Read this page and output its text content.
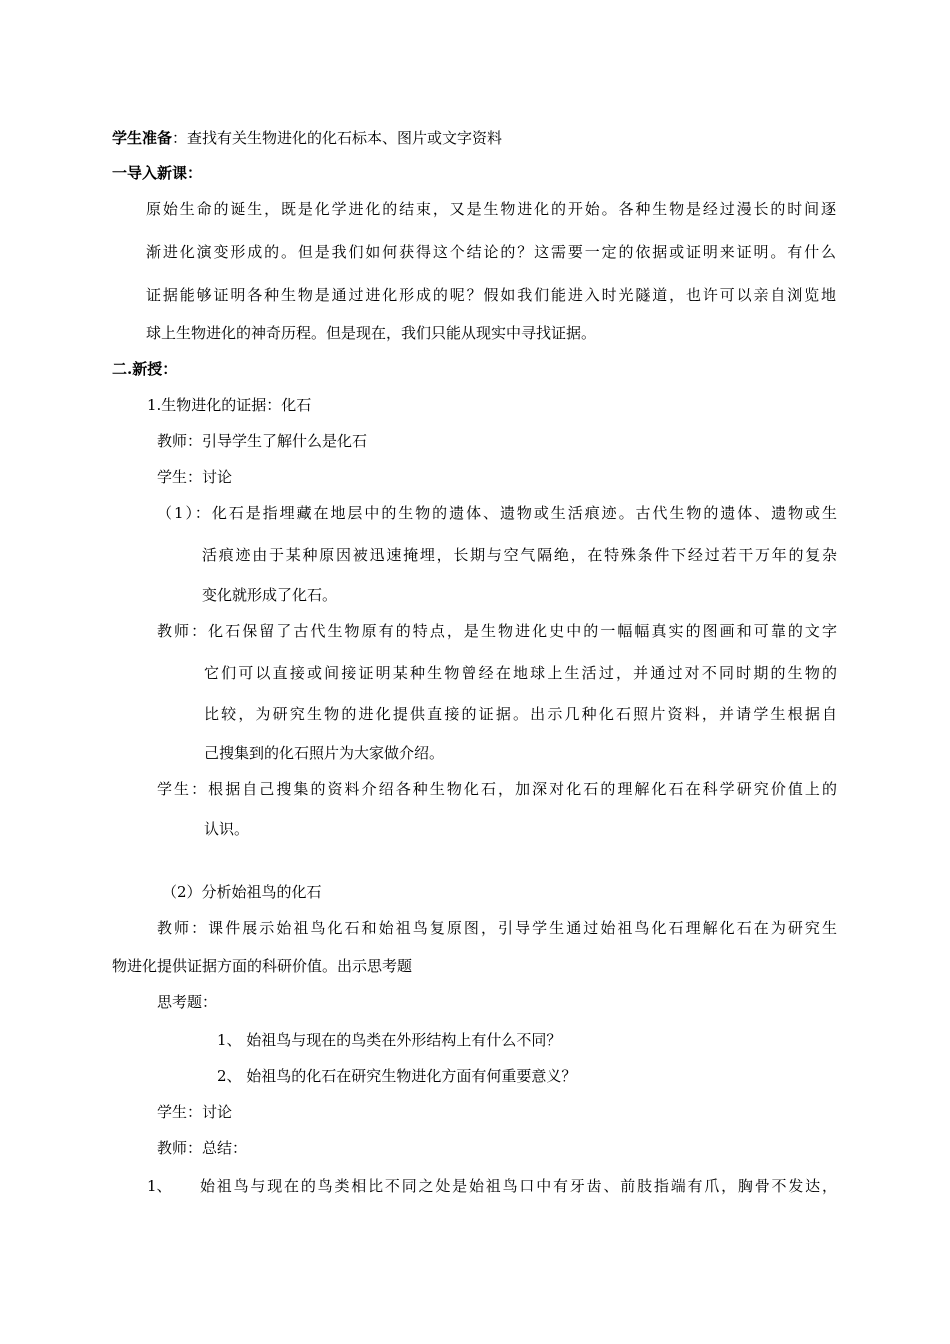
学生准备：查找有关生物进化的化石标本、图片或文字资料
一导入新课：
原始生命的诞生，既是化学进化的结束，又是生物进化的开始。各种生物是经过漫长的时间逐
渐进化演变形成的。但是我们如何获得这个结论的？这需要一定的依据或证明来证明。有什么
证据能够证明各种生物是通过进化形成的呢？假如我们能进入时光隧道，也许可以亲自浏览地
球上生物进化的神奇历程。但是现在，我们只能从现实中寻找证据。
二.新授：
1.生物进化的证据：化石
教师：引导学生了解什么是化石
学生：讨论
（1）：化石是指埋藏在地层中的生物的遗体、遗物或生活痕迹。古代生物的遗体、遗物或生
活痕迹由于某种原因被迅速掩埋，长期与空气隔绝，在特殊条件下经过若干万年的复杂
变化就形成了化石。
教师：化石保留了古代生物原有的特点，是生物进化史中的一幅幅真实的图画和可靠的文字
它们可以直接或间接证明某种生物曾经在地球上生活过，并通过对不同时期的生物的
比较，为研究生物的进化提供直接的证据。出示几种化石照片资料，并请学生根据自
己搜集到的化石照片为大家做介绍。
学生：根据自己搜集的资料介绍各种生物化石，加深对化石的理解化石在科学研究价值上的
认识。
（2）分析始祖鸟的化石
教师：课件展示始祖鸟化石和始祖鸟复原图，引导学生通过始祖鸟化石理解化石在为研究生
物进化提供证据方面的科研价值。出示思考题
思考题：
1、 始祖鸟与现在的鸟类在外形结构上有什么不同？
2、 始祖鸟的化石在研究生物进化方面有何重要意义？
学生：讨论
教师：总结：
1、 始祖鸟与现在的鸟类相比不同之处是始祖鸟口中有牙齿、前肢指端有爪，胸骨不发达，
